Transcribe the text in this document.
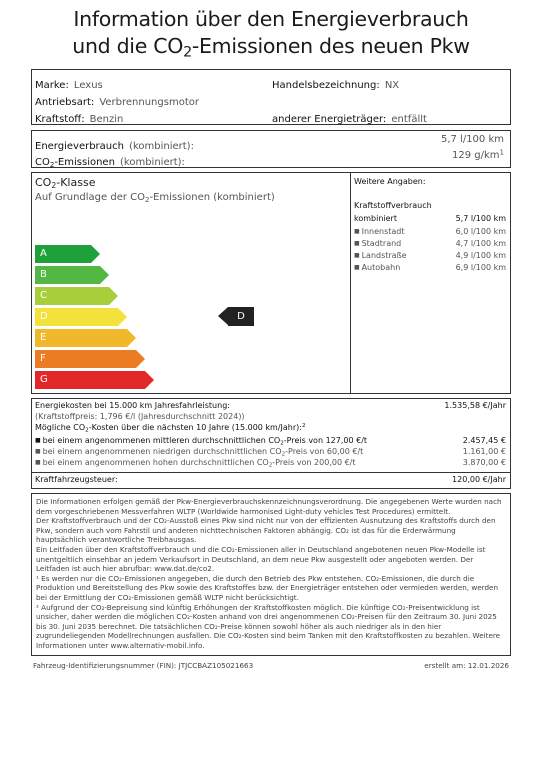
Information über den Energieverbrauch
und die $CO_2$-Emissionen des neuen Pkw
Marke: Lexus	Handelsbezeichnung: NX
Antriebsart: Verbrennungsmotor
Kraftstoff: Benzin	anderer Energieträger: entfällt
Energieverbrauch (kombiniert):
5,7 l/100 km
$CO_2$-Emissionen (kombiniert):
129 $g/km^1$
$CO_2$-Klasse
Auf Grundlage der $CO_2$-Emissionen (kombiniert)
Weitere Angaben:
Kraftstoffverbrauch
kombiniert	5,7 l/100 km
■ Innenstadt	6,0 l/100 km
■ Stadtrand	4,7 l/100 km
■ Landstraße	4,9 l/100 km
■ Autobahn	6,9 l/100 km
A
B
C
D
E
F
G
D
Energiekosten bei 15.000 km Jahresfahrleistung:	1.535,58 €/Jahr
(Kraftstoffpreis: 1,796 €/l (Jahresdurchschnitt 2024))
Mögliche $CO_2$-Kosten über die nächsten 10 Jahre (15.000 km/Jahr):$^2$
■ bei einem angenommenen mittleren durchschnittlichen $CO_2$-Preis von 127,00 €/t	2.457,45 €
■ bei einem angenommenen niedrigen durchschnittlichen $CO_2$-Preis von 60,00 €/t	1.161,00 €
■ bei einem angenommenen hohen durchschnittlichen $CO_2$-Preis von 200,00 €/t	3.870,00 €
Kraftfahrzeugsteuer:	120,00 €/Jahr

Die Informationen erfolgen gemäß der Pkw-Energieverbrauchskennzeichnungsverordnung. Die angegebenen Werte wurden nach dem vorgeschriebenen Messverfahren WLTP (Worldwide harmonised Light-duty vehicles Test Procedures) ermittelt.

Der Kraftstoffverbrauch und der CO₂-Ausstoß eines Pkw sind nicht nur von der effizienten Ausnutzung des Kraftstoffs durch den Pkw, sondern auch vom Fahrstil und anderen nichttechnischen Faktoren abhängig. CO₂ ist das für die Erderwärmung hauptsächlich verantwortliche Treibhausgas.

Ein Leitfaden über den Kraftstoffverbrauch und die CO₂-Emissionen aller in Deutschland angebotenen neuen Pkw-Modelle ist unentgeltlich einsehbar an jedem Verkaufsort in Deutschland, an dem neue Pkw ausgestellt oder angeboten werden. Der Leitfaden ist auch hier abrufbar: www.dat.de/co2.

¹ Es werden nur die CO₂-Emissionen angegeben, die durch den Betrieb des Pkw entstehen. CO₂-Emissionen, die durch die Produktion und Bereitstellung des Pkw sowie des Kraftstoffes bzw. der Energieträger entstehen oder vermieden werden, werden bei der Ermittlung der CO₂-Emissionen gemäß WLTP nicht berücksichtigt.

² Aufgrund der CO₂-Bepreisung sind künftig Erhöhungen der Kraftstoffkosten möglich. Die künftige CO₂-Preisentwicklung ist unsicher, daher werden die möglichen CO₂-Kosten anhand von drei angenommenen CO₂-Preisen für den Zeitraum 30. Juni 2025 bis 30. Juni 2035 berechnet. Die tatsächlichen CO₂-Preise können sowohl höher als auch niedriger als in den hier zugrundeliegenden Modellrechnungen ausfallen. Die CO₂-Kosten sind beim Tanken mit den Kraftstoffkosten zu bezahlen. Weitere Informationen unter www.alternativ-mobil.info.

Fahrzeug-Identifizierungsnummer (FIN): JTJCCBAZ105021663	erstellt am: 12.01.2026
